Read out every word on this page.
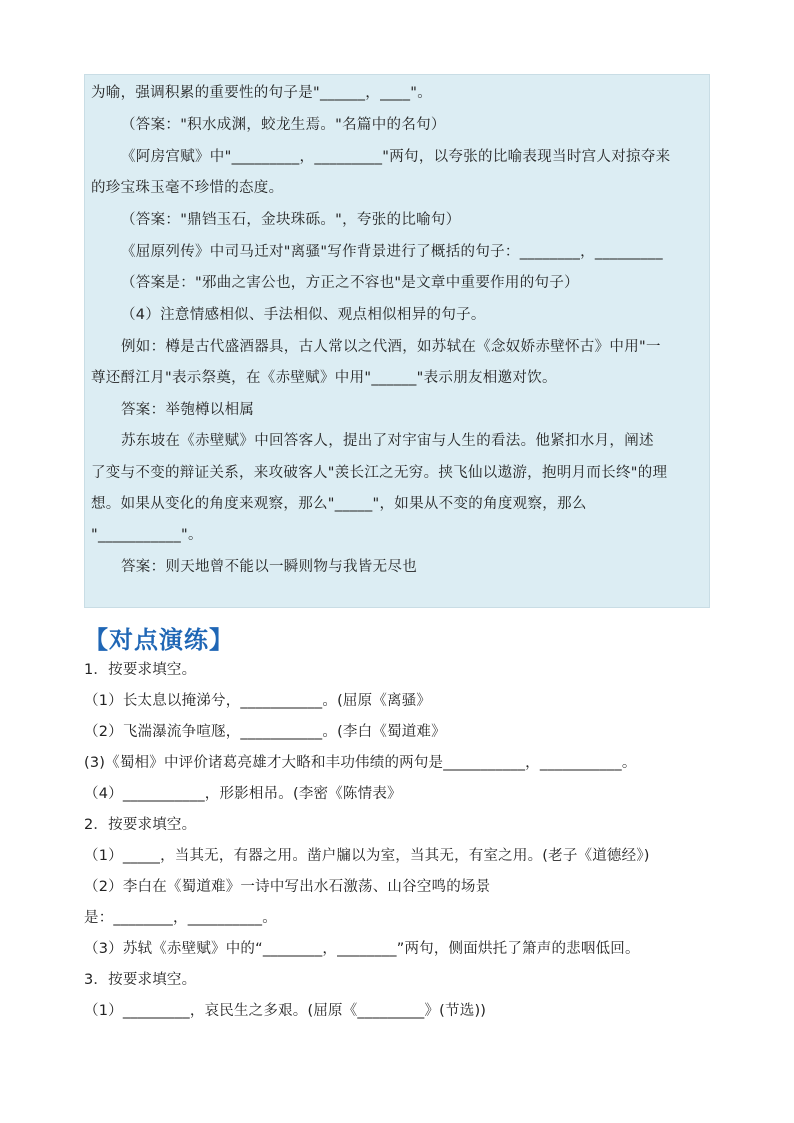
为喻，强调积累的重要性的句子是"______，____"。
（答案："积水成渊，蛟龙生焉。"名篇中的名句）
《阿房宫赋》中"_________，_________"两句，以夸张的比喻表现当时宫人对掠夺来
的珍宝珠玉毫不珍惜的态度。
（答案："鼎铛玉石，金块珠砾。"，夸张的比喻句）
《屈原列传》中司马迁对"离骚"写作背景进行了概括的句子：________，_________
（答案是："邪曲之害公也，方正之不容也"是文章中重要作用的句子）
（4）注意情感相似、手法相似、观点相似相异的句子。
例如：樽是古代盛酒器具，古人常以之代酒，如苏轼在《念奴娇赤壁怀古》中用"一
尊还酹江月"表示祭奠，在《赤壁赋》中用"______"表示朋友相邀对饮。
答案：举匏樽以相属
苏东坡在《赤壁赋》中回答客人，提出了对宇宙与人生的看法。他紧扣水月，阐述
了变与不变的辩证关系，来攻破客人"羡长江之无穷。挟飞仙以遨游，抱明月而长终"的理
想。如果从变化的角度来观察，那么"_____"，如果从不变的角度观察，那么
"___________"。
答案：则天地曾不能以一瞬则物与我皆无尽也
【对点演练】
1．按要求填空。
（1）长太息以掩涕兮，___________。(屈原《离骚》
（2）飞湍瀑流争喧豗，___________。(李白《蜀道难》
(3)《蜀相》中评价诸葛亮雄才大略和丰功伟绩的两句是___________，___________。
（4）___________，形影相吊。(李密《陈情表》
2．按要求填空。
（1）_____，当其无，有器之用。凿户牖以为室，当其无，有室之用。(老子《道德经》)
（2）李白在《蜀道难》一诗中写出水石激荡、山谷空鸣的场景
是：________，__________。
（3）苏轼《赤壁赋》中的“________，________”两句，侧面烘托了箫声的悲咽低回。
3．按要求填空。
（1）_________，哀民生之多艰。(屈原《_________》(节选))
